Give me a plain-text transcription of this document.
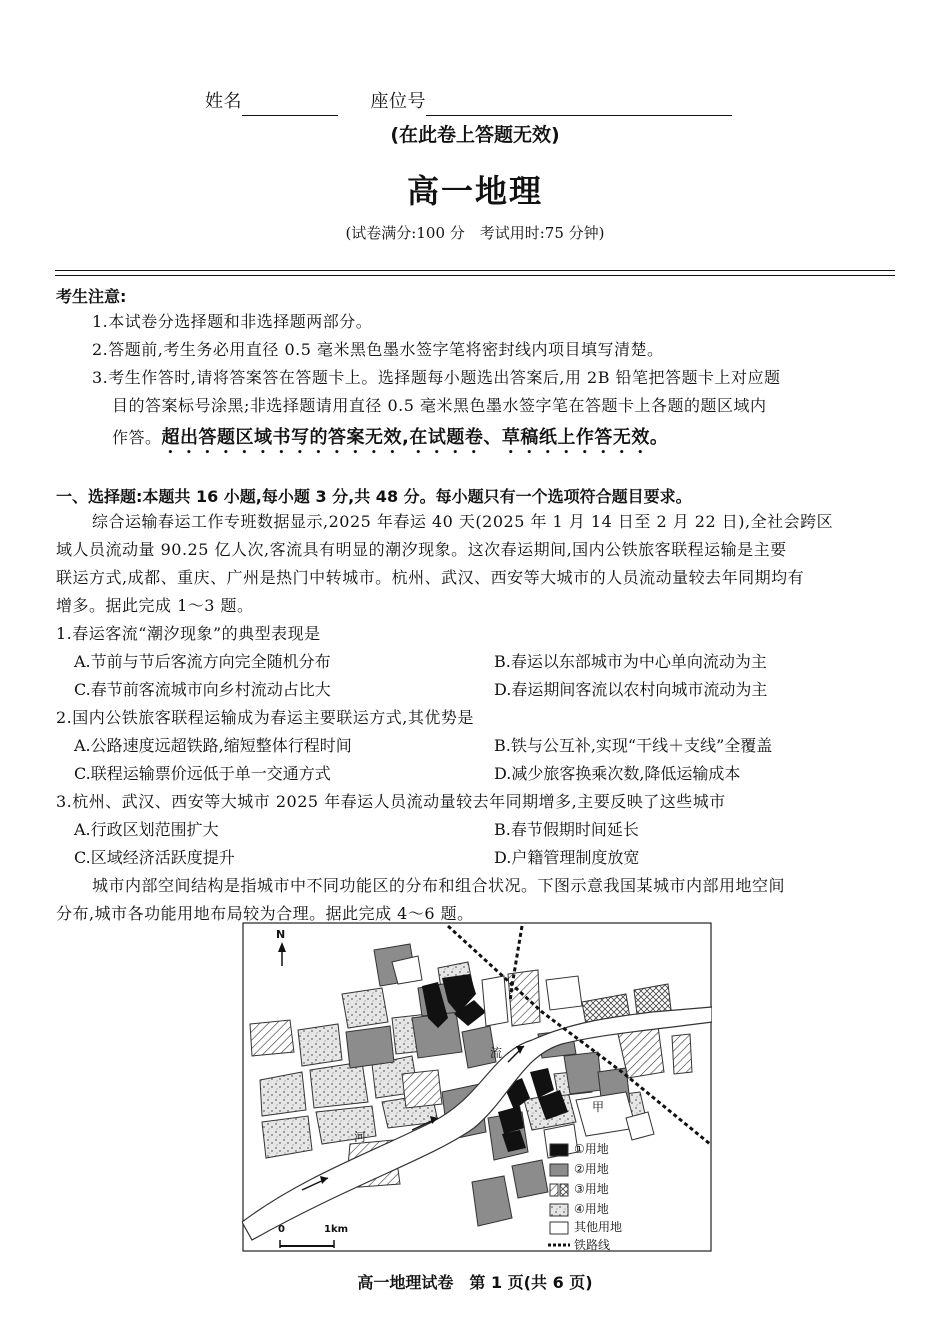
姓名	座位号
(在此卷上答题无效)
高一地理
(试卷满分:100 分　考试用时:75 分钟)
考生注意:
1.本试卷分选择题和非选择题两部分。
2.答题前,考生务必用直径 0.5 毫米黑色墨水签字笔将密封线内项目填写清楚。
3.考生作答时,请将答案答在答题卡上。选择题每小题选出答案后,用 2B 铅笔把答题卡上对应题
目的答案标号涂黑;非选择题请用直径 0.5 毫米黑色墨水签字笔在答题卡上各题的题区域内
作答。超出答题区域书写的答案无效,在试题卷、草稿纸上作答无效。
一、选择题:本题共 16 小题,每小题 3 分,共 48 分。每小题只有一个选项符合题目要求。
综合运输春运工作专班数据显示,2025 年春运 40 天(2025 年 1 月 14 日至 2 月 22 日),全社会跨区
域人员流动量 90.25 亿人次,客流具有明显的潮汐现象。这次春运期间,国内公铁旅客联程运输是主要
联运方式,成都、重庆、广州是热门中转城市。杭州、武汉、西安等大城市的人员流动量较去年同期均有
增多。据此完成 1～3 题。
1.春运客流“潮汐现象”的典型表现是
A.节前与节后客流方向完全随机分布	B.春运以东部城市为中心单向流动为主
C.春节前客流城市向乡村流动占比大	D.春运期间客流以农村向城市流动为主
2.国内公铁旅客联程运输成为春运主要联运方式,其优势是
A.公路速度远超铁路,缩短整体行程时间	B.铁与公互补,实现“干线＋支线”全覆盖
C.联程运输票价远低于单一交通方式	D.减少旅客换乘次数,降低运输成本
3.杭州、武汉、西安等大城市 2025 年春运人员流动量较去年同期增多,主要反映了这些城市
A.行政区划范围扩大	B.春节假期时间延长
C.区域经济活跃度提升	D.户籍管理制度放宽
城市内部空间结构是指城市中不同功能区的分布和组合状况。下图示意我国某城市内部用地空间
分布,城市各功能用地布局较为合理。据此完成 4～6 题。
N
河
流
甲
0	1km
①用地
②用地
③用地
④用地
其他用地
铁路线
高一地理试卷　第 1 页(共 6 页)
